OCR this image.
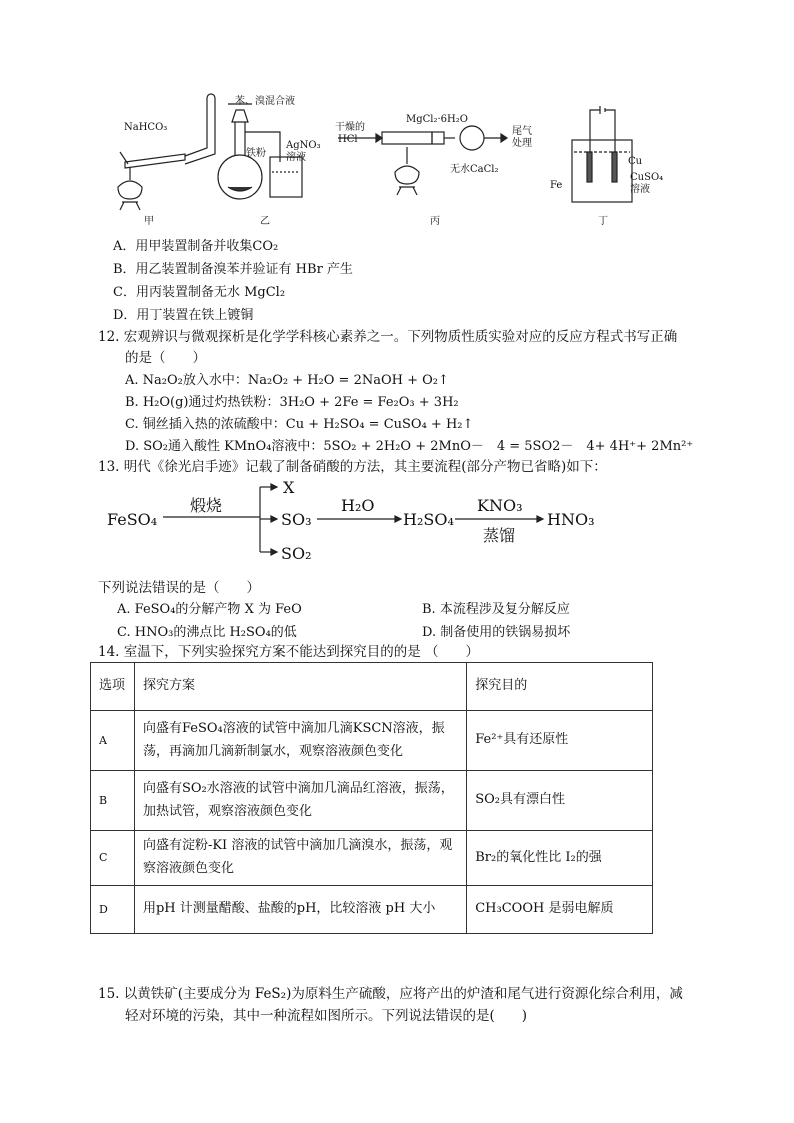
NaHCO₃
苯、溴混合液
铁粉
AgNO₃
溶液
干燥的
HCl
MgCl₂·6H₂O
尾气
处理
无水CaCl₂
Cu
Fe
CuSO₄
溶液
甲	乙	丙	丁
A．用甲装置制备并收集CO₂
B．用乙装置制备溴苯并验证有 HBr 产生
C．用丙装置制备无水 MgCl₂
D．用丁装置在铁上镀铜
12. 宏观辨识与微观探析是化学学科核心素养之一。下列物质性质实验对应的反应方程式书写正确
的是（　　）
A. Na₂O₂放入水中：Na₂O₂ + H₂O = 2NaOH + O₂↑
B. H₂O(g)通过灼热铁粉：3H₂O + 2Fe = Fe₂O₃ + 3H₂
C. 铜丝插入热的浓硫酸中：Cu + H₂SO₄ = CuSO₄ + H₂↑
D. SO₂通入酸性 KMnO₄溶液中：5SO₂ + 2H₂O + 2MnO－　4 = 5SO2－　4+ 4H⁺+ 2Mn²⁺
13. 明代《徐光启手迹》记载了制备硝酸的方法，其主要流程(部分产物已省略)如下：
FeSO₄
煅烧
X
SO₃
SO₂
H₂O
H₂SO₄
KNO₃
蒸馏
HNO₃
下列说法错误的是（　　）
A. FeSO₄的分解产物 X 为 FeO	B. 本流程涉及复分解反应
C. HNO₃的沸点比 H₂SO₄的低	D. 制备使用的铁锅易损坏
14. 室温下，下列实验探究方案不能达到探究目的的是 （　　）
选项	探究方案	探究目的
A	向盛有FeSO₄溶液的试管中滴加几滴KSCN溶液，振荡，再滴加几滴新制氯水，观察溶液颜色变化	Fe²⁺具有还原性
B	向盛有SO₂水溶液的试管中滴加几滴品红溶液，振荡，加热试管，观察溶液颜色变化	SO₂具有漂白性
C	向盛有淀粉-KI 溶液的试管中滴加几滴溴水，振荡，观察溶液颜色变化	Br₂的氧化性比 I₂的强
D	用pH 计测量醋酸、盐酸的pH，比较溶液 pH 大小	CH₃COOH 是弱电解质
15. 以黄铁矿(主要成分为 FeS₂)为原料生产硫酸，应将产出的炉渣和尾气进行资源化综合利用，减
轻对环境的污染，其中一种流程如图所示。下列说法错误的是(　　)
